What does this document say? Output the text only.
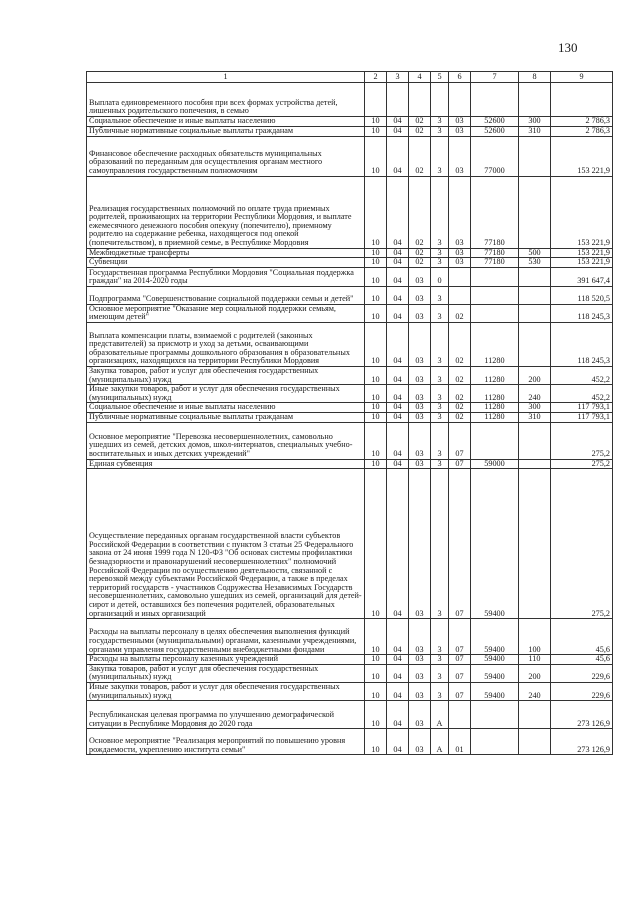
130
1	2	3	4	5	6	7	8	9
Выплата единовременного пособия при всех формах устройства детей, лишенных родительского попечения, в семью								
Социальное обеспечение и иные выплаты населению	10	04	02	3	03	52600	300	2 786,3
Публичные нормативные социальные выплаты гражданам	10	04	02	3	03	52600	310	2 786,3
Финансовое обеспечение расходных обязательств муниципальных образований по переданным для осуществления органам местного самоуправления государственным полномочиям	10	04	02	3	03	77000		153 221,9
Реализация государственных полномочий по оплате труда приемных родителей, проживающих на территории Республики Мордовия, и выплате ежемесячного денежного пособия опекуну (попечителю), приемному родителю на содержание ребенка, находящегося под опекой (попечительством), в приемной семье, в Республике Мордовия	10	04	02	3	03	77180		153 221,9
Межбюджетные трансферты	10	04	02	3	03	77180	500	153 221,9
Субвенции	10	04	02	3	03	77180	530	153 221,9
Государственная программа Республики Мордовия "Социальная поддержка граждан" на 2014-2020 годы	10	04	03	0				391 647,4
Подпрограмма "Совершенствование социальной поддержки семьи и детей"	10	04	03	3				118 520,5
Основное мероприятие "Оказание мер социальной поддержки семьям, имеющим детей"	10	04	03	3	02			118 245,3
Выплата компенсации платы, взимаемой с родителей (законных представителей) за присмотр и уход за детьми, осваивающими образовательные программы дошкольного образования в образовательных организациях, находящихся на территории Республики Мордовия	10	04	03	3	02	11280		118 245,3
Закупка товаров, работ и услуг для обеспечения государственных (муниципальных) нужд	10	04	03	3	02	11280	200	452,2
Иные закупки товаров, работ и услуг для обеспечения государственных (муниципальных) нужд	10	04	03	3	02	11280	240	452,2
Социальное обеспечение и иные выплаты населению	10	04	03	3	02	11280	300	117 793,1
Публичные нормативные социальные выплаты гражданам	10	04	03	3	02	11280	310	117 793,1
Основное мероприятие "Перевозка несовершеннолетних, самовольно ушедших из семей, детских домов, школ-интернатов, специальных учебно-воспитательных и иных детских учреждений"	10	04	03	3	07			275,2
Единая субвенция	10	04	03	3	07	59000		275,2
Осуществление переданных органам государственной власти субъектов Российской Федерации в соответствии с пунктом 3 статьи 25 Федерального закона от 24 июня 1999 года N 120-ФЗ "Об основах системы профилактики безнадзорности и правонарушений несовершеннолетних" полномочий Российской Федерации по осуществлению деятельности, связанной с перевозкой между субъектами Российской Федерации, а также в пределах территорий государств - участников Содружества Независимых Государств несовершеннолетних, самовольно ушедших из семей, организаций для детей-сирот и детей, оставшихся без попечения родителей, образовательных организаций и иных организаций	10	04	03	3	07	59400		275,2
Расходы на выплаты персоналу в целях обеспечения выполнения функций государственными (муниципальными) органами, казенными учреждениями, органами управления государственными внебюджетными фондами	10	04	03	3	07	59400	100	45,6
Расходы на выплаты персоналу казенных учреждений	10	04	03	3	07	59400	110	45,6
Закупка товаров, работ и услуг для обеспечения государственных (муниципальных) нужд	10	04	03	3	07	59400	200	229,6
Иные закупки товаров, работ и услуг для обеспечения государственных (муниципальных) нужд	10	04	03	3	07	59400	240	229,6
Республиканская целевая программа по улучшению демографической ситуации в Республике Мордовия до 2020 года	10	04	03	А				273 126,9
Основное мероприятие "Реализация мероприятий по повышению уровня рождаемости, укреплению института семьи"	10	04	03	А	01			273 126,9
